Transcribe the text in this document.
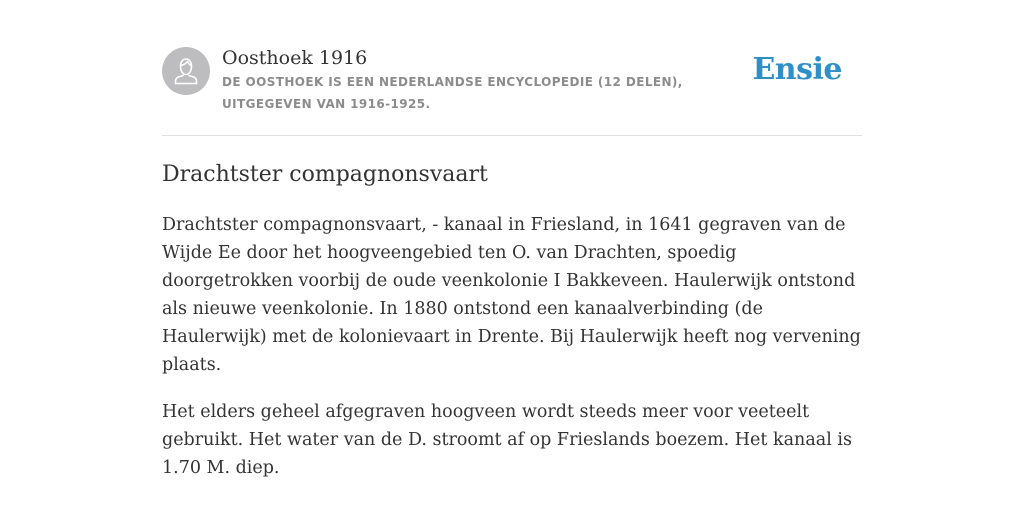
Oosthoek 1916

DE OOSTHOEK IS EEN NEDERLANDSE ENCYCLOPEDIE (12 DELEN), UITGEGEVEN VAN 1916-1925.

Ensie
Drachtster compagnonsvaart

Drachtster compagnonsvaart, - kanaal in Friesland, in 1641 gegraven van de Wijde Ee door het hoogveengebied ten O. van Drachten, spoedig doorgetrokken voorbij de oude veenkolonie I Bakkeveen. Haulerwijk ontstond als nieuwe veenkolonie. In 1880 ontstond een kanaalverbinding (de Haulerwijk) met de kolonievaart in Drente. Bij Haulerwijk heeft nog vervening plaats.

Het elders geheel afgegraven hoogveen wordt steeds meer voor veeteelt gebruikt. Het water van de D. stroomt af op Frieslands boezem. Het kanaal is 1.70 M. diep.
